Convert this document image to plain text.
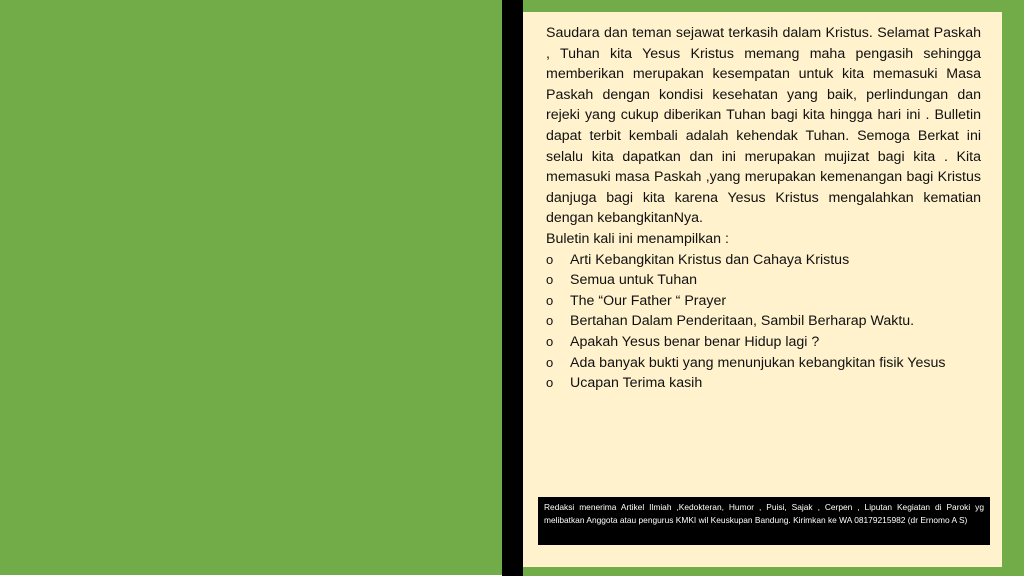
Saudara dan teman sejawat terkasih dalam Kristus. Selamat Paskah , Tuhan kita Yesus Kristus memang maha pengasih sehingga memberikan merupakan kesempatan untuk kita memasuki Masa Paskah dengan kondisi kesehatan yang baik, perlindungan dan rejeki yang cukup diberikan Tuhan bagi kita hingga hari ini . Bulletin dapat terbit kembali adalah kehendak Tuhan. Semoga Berkat ini selalu kita dapatkan dan ini merupakan mujizat bagi kita . Kita memasuki masa Paskah ,yang merupakan kemenangan bagi Kristus danjuga bagi kita karena Yesus Kristus mengalahkan kematian dengan kebangkitanNya.

Buletin kali ini menampilkan :

o Arti Kebangkitan Kristus dan Cahaya Kristus
o Semua untuk Tuhan
o The “Our Father “ Prayer
o Bertahan Dalam Penderitaan, Sambil Berharap Waktu.
o Apakah Yesus benar benar Hidup lagi ?
o Ada banyak bukti yang menunjukan kebangkitan fisik Yesus
o Ucapan Terima kasih
Redaksi menerima Artikel Ilmiah ,Kedokteran, Humor , Puisi, Sajak , Cerpen , Liputan Kegiatan di Paroki yg melibatkan Anggota atau pengurus KMKI wil Keuskupan Bandung. Kirimkan ke WA 08179215982 (dr Ernomo A S)
